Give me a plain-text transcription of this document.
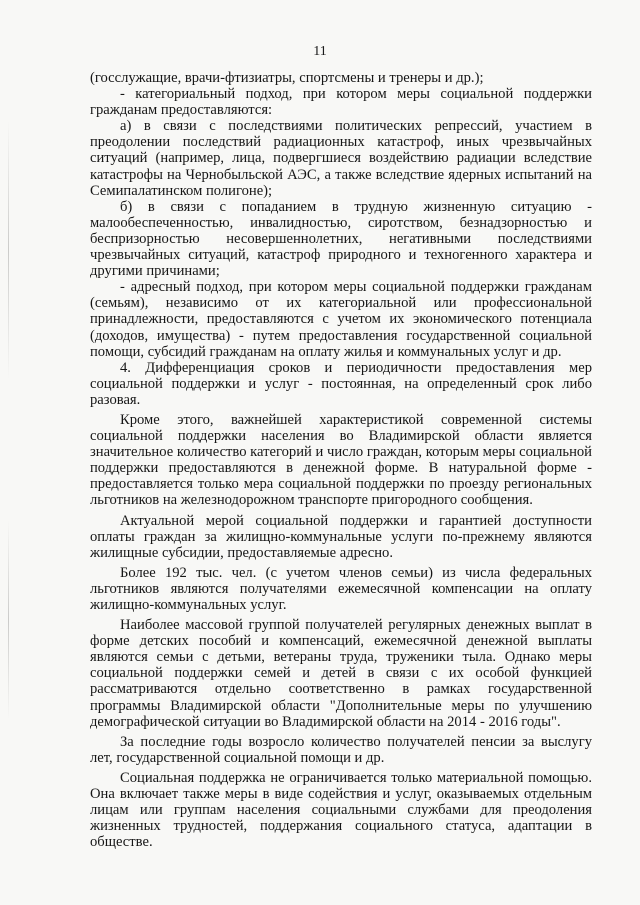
11

(госслужащие, врачи-фтизиатры, спортсмены и тренеры и др.);

- категориальный подход, при котором меры социальной поддержки гражданам предоставляются:

а) в связи с последствиями политических репрессий, участием в преодолении последствий радиационных катастроф, иных чрезвычайных ситуаций (например, лица, подвергшиеся воздействию радиации вследствие катастрофы на Чернобыльской АЭС, а также вследствие ядерных испытаний на Семипалатинском полигоне);

б) в связи с попаданием в трудную жизненную ситуацию - малообеспеченностью, инвалидностью, сиротством, безнадзорностью и беспризорностью несовершеннолетних, негативными последствиями чрезвычайных ситуаций, катастроф природного и техногенного характера и другими причинами;

- адресный подход, при котором меры социальной поддержки гражданам (семьям), независимо от их категориальной или профессиональной принадлежности, предоставляются с учетом их экономического потенциала (доходов, имущества) - путем предоставления государственной социальной помощи, субсидий гражданам на оплату жилья и коммунальных услуг и др.

4. Дифференциация сроков и периодичности предоставления мер социальной поддержки и услуг - постоянная, на определенный срок либо разовая.

Кроме этого, важнейшей характеристикой современной системы социальной поддержки населения во Владимирской области является значительное количество категорий и число граждан, которым меры социальной поддержки предоставляются в денежной форме. В натуральной форме - предоставляется только мера социальной поддержки по проезду региональных льготников на железнодорожном транспорте пригородного сообщения.

Актуальной мерой социальной поддержки и гарантией доступности оплаты граждан за жилищно-коммунальные услуги по-прежнему являются жилищные субсидии, предоставляемые адресно.

Более 192 тыс. чел. (с учетом членов семьи) из числа федеральных льготников являются получателями ежемесячной компенсации на оплату жилищно-коммунальных услуг.

Наиболее массовой группой получателей регулярных денежных выплат в форме детских пособий и компенсаций, ежемесячной денежной выплаты являются семьи с детьми, ветераны труда, труженики тыла. Однако меры социальной поддержки семей и детей в связи с их особой функцией рассматриваются отдельно соответственно в рамках государственной программы Владимирской области "Дополнительные меры по улучшению демографической ситуации во Владимирской области на 2014 - 2016 годы".

За последние годы возросло количество получателей пенсии за выслугу лет, государственной социальной помощи и др.

Социальная поддержка не ограничивается только материальной помощью. Она включает также меры в виде содействия и услуг, оказываемых отдельным лицам или группам населения социальными службами для преодоления жизненных трудностей, поддержания социального статуса, адаптации в обществе.
